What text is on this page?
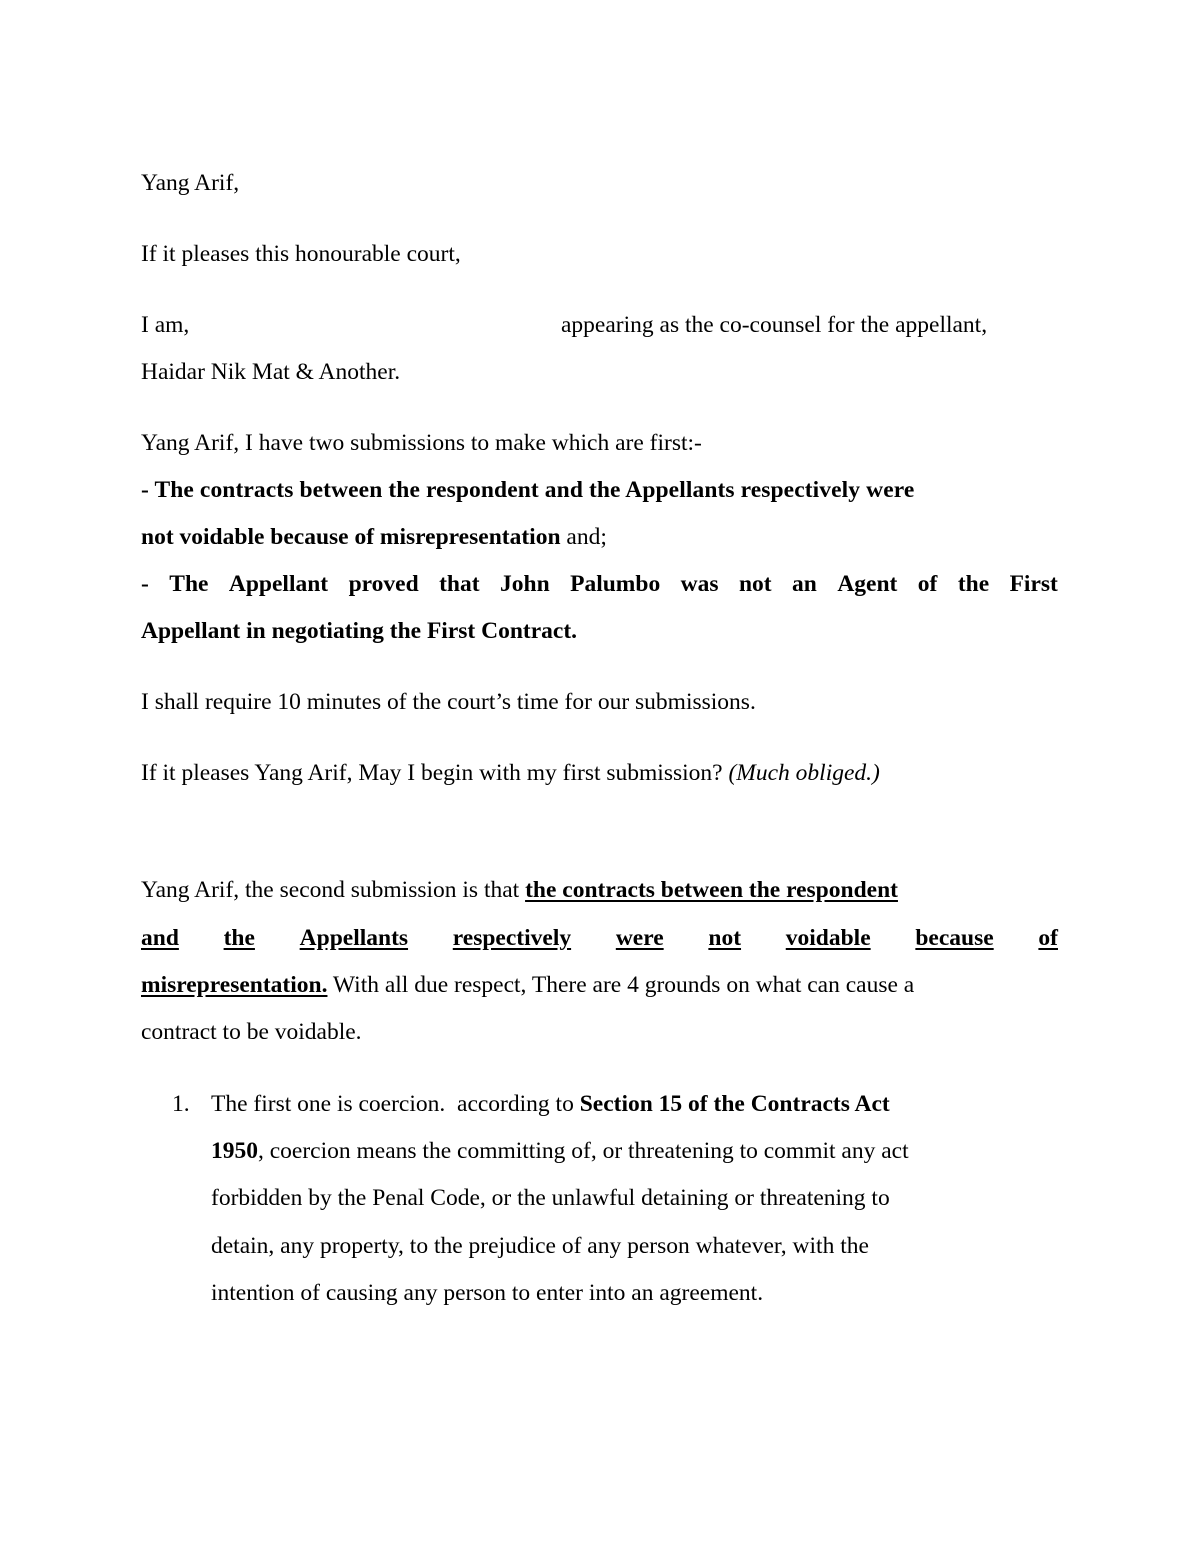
Yang Arif,
If it pleases this honourable court,
I am,	appearing as the co-counsel for the appellant,
Haidar Nik Mat & Another.
Yang Arif, I have two submissions to make which are first:-
- The contracts between the respondent and the Appellants respectively were
not voidable because of misrepresentation and;
- The Appellant proved that John Palumbo was not an Agent of the First
Appellant in negotiating the First Contract.
I shall require 10 minutes of the court’s time for our submissions.
If it pleases Yang Arif, May I begin with my first submission? (Much obliged.)
Yang Arif, the second submission is that the contracts between the respondent
and the Appellants respectively were not voidable because of
misrepresentation. With all due respect, There are 4 grounds on what can cause a
contract to be voidable.
1. The first one is coercion.  according to Section 15 of the Contracts Act
1950, coercion means the committing of, or threatening to commit any act
forbidden by the Penal Code, or the unlawful detaining or threatening to
detain, any property, to the prejudice of any person whatever, with the
intention of causing any person to enter into an agreement.
